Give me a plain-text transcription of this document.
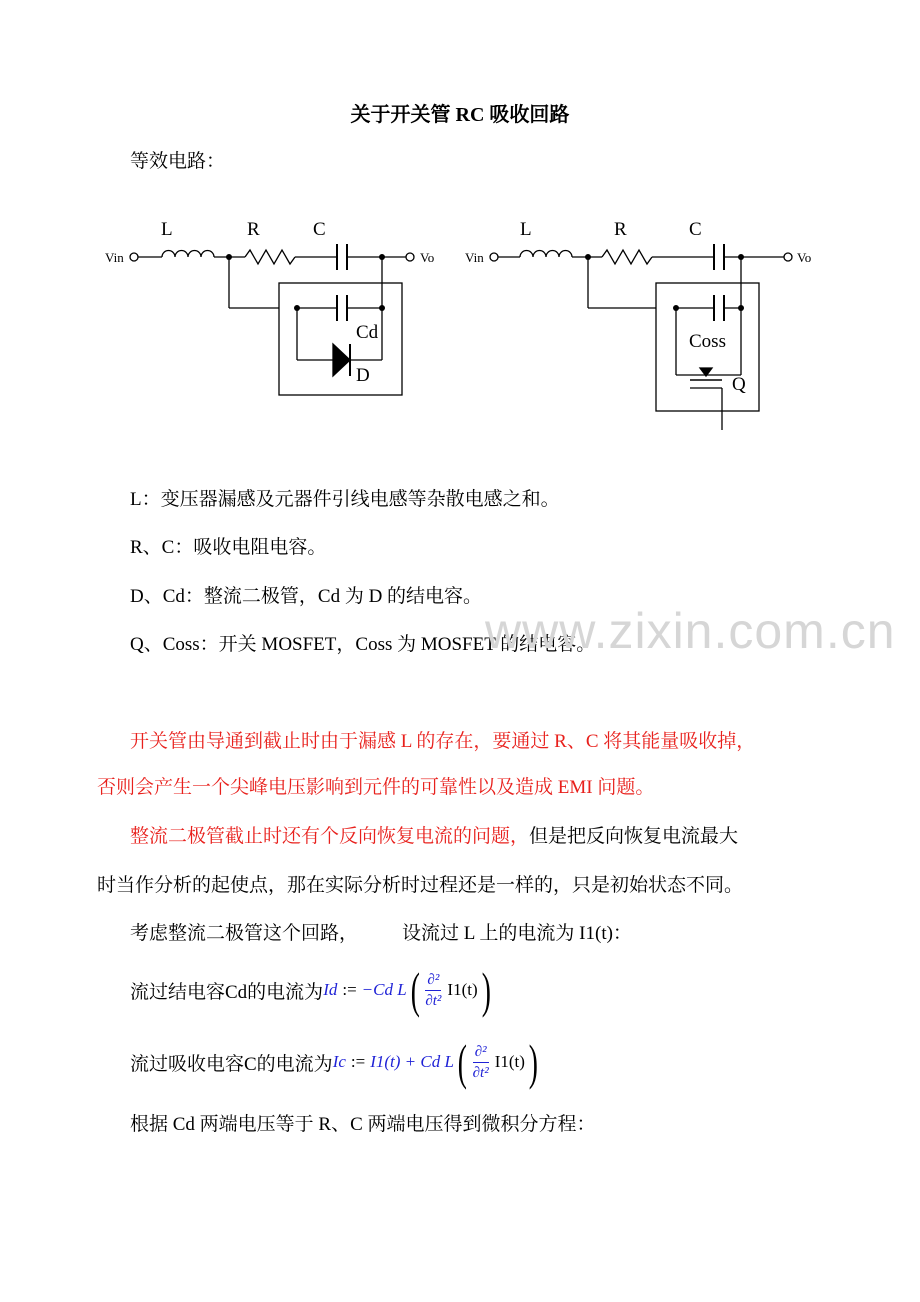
关于开关管 RC 吸收回路
等效电路：
Vin	Vo
L	R	C
Cd
D
Vin	Vo
L	R	C
Coss
Q
L：变压器漏感及元器件引线电感等杂散电感之和。
R、C：吸收电阻电容。
D、Cd：整流二极管，Cd 为 D 的结电容。
Q、Coss：开关 MOSFET，Coss 为 MOSFET 的结电容。
www.zixin.com.cn
开关管由导通到截止时由于漏感 L 的存在，要通过 R、C 将其能量吸收掉，
否则会产生一个尖峰电压影响到元件的可靠性以及造成 EMI 问题。
整流二极管截止时还有个反向恢复电流的问题，但是把反向恢复电流最大
时当作分析的起使点，那在实际分析时过程还是一样的，只是初始状态不同。
考虑整流二极管这个回路， 设流过 L 上的电流为 I1(t)：
流过结电容Cd的电流为 Id := −Cd L ( $\frac{\text{∂²}}{\text{∂t²}} I1(t)$ )
流过吸收电容C的电流为 Ic := I1(t) + Cd L ( $\frac{\text{∂²}}{\text{∂t²}} I1(t)$ )
根据 Cd 两端电压等于 R、C 两端电压得到微积分方程：
